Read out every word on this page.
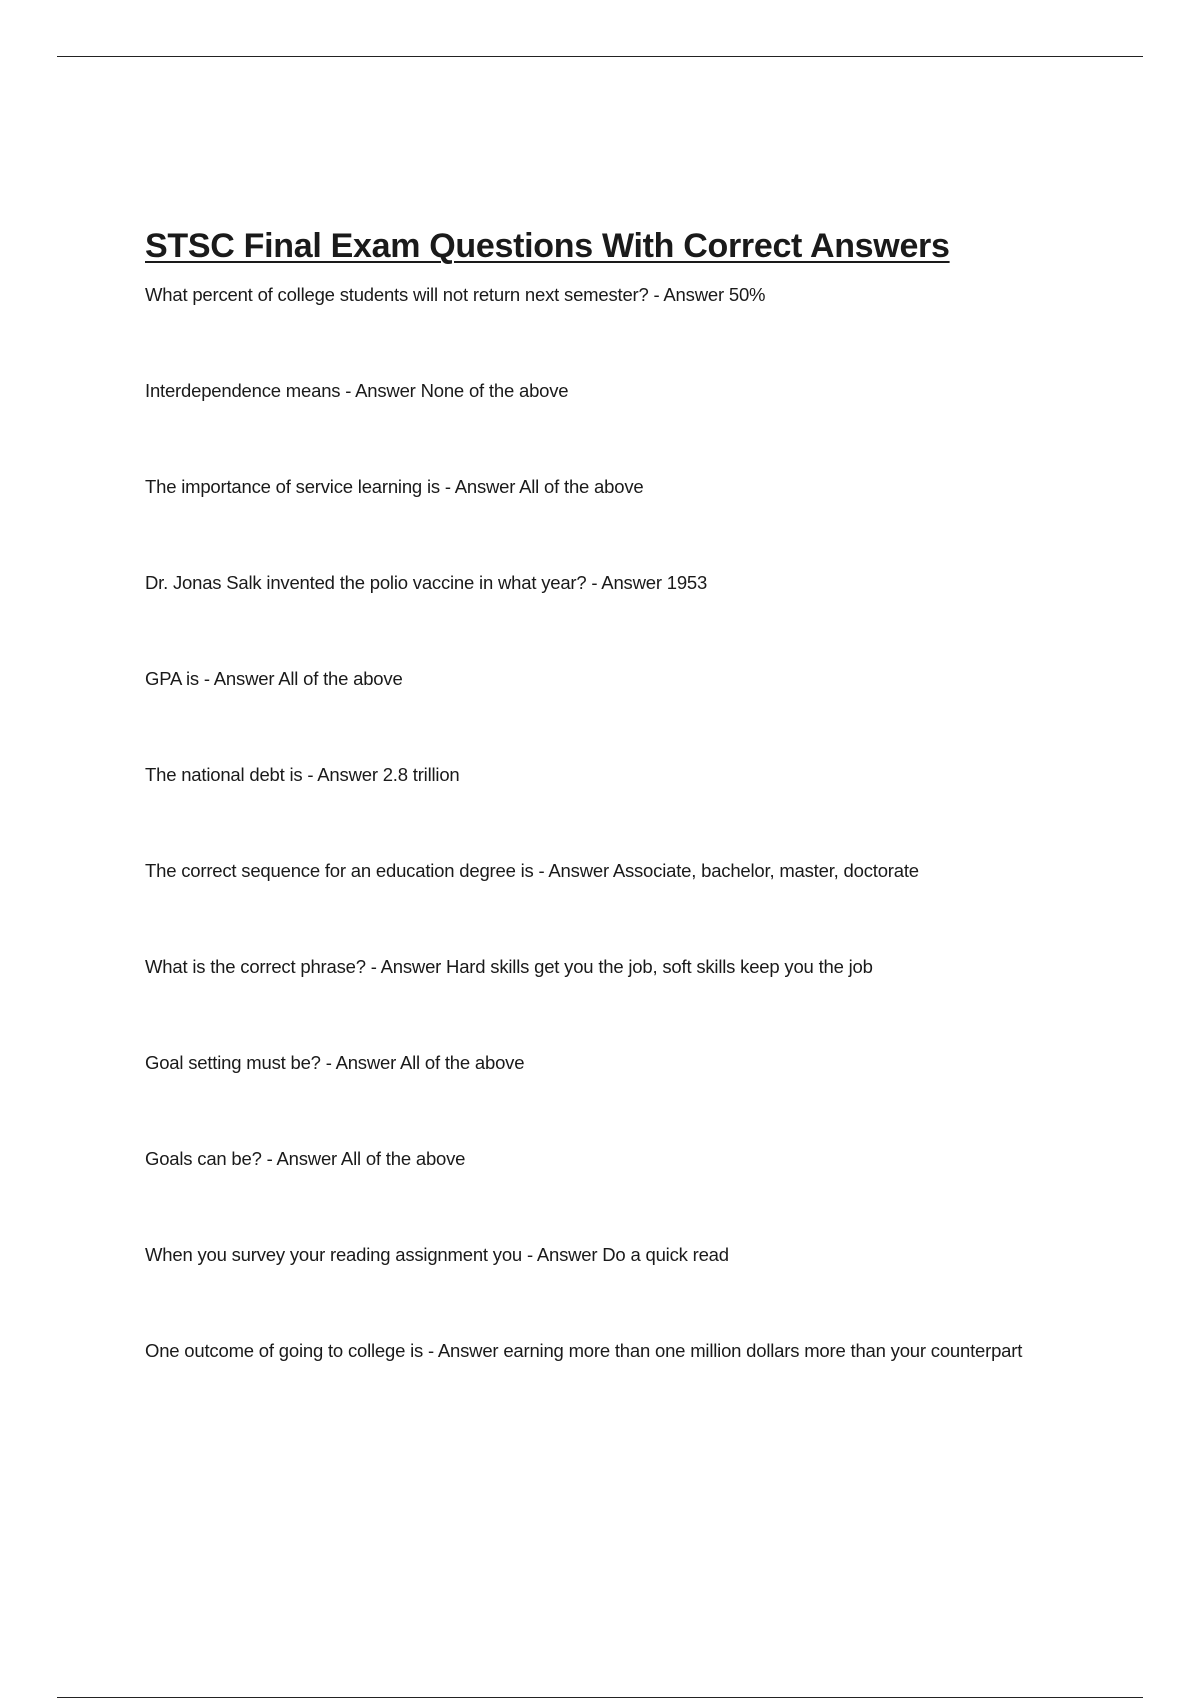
STSC Final Exam Questions With Correct Answers
What percent of college students will not return next semester? - Answer 50%
Interdependence means - Answer None of the above
The importance of service learning is - Answer All of the above
Dr. Jonas Salk invented the polio vaccine in what year? - Answer 1953
GPA is - Answer All of the above
The national debt is - Answer 2.8 trillion
The correct sequence for an education degree is - Answer Associate, bachelor, master, doctorate
What is the correct phrase? - Answer Hard skills get you the job, soft skills keep you the job
Goal setting must be? - Answer All of the above
Goals can be? - Answer All of the above
When you survey your reading assignment you - Answer Do a quick read
One outcome of going to college is - Answer earning more than one million dollars more than your counterpart
